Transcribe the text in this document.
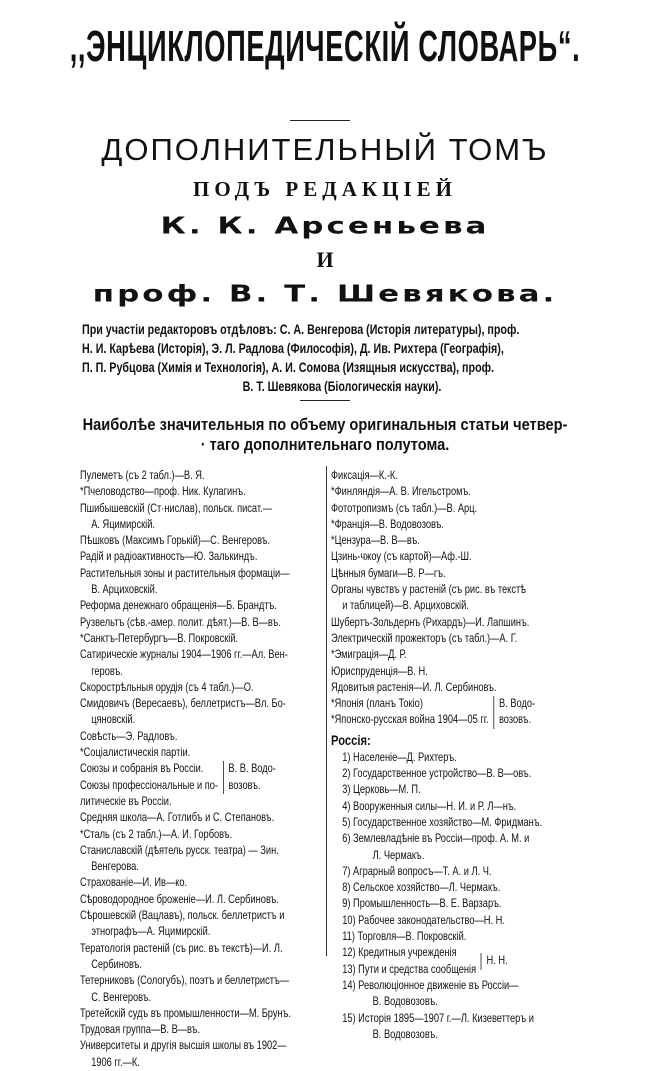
,,ЭНЦИКЛОПЕДИЧЕСКІЙ СЛОВАРЬ“.
ДОПОЛНИТЕЛЬНЫЙ ТОМЪ
ПОДЪ РЕДАКЦІЕЙ
К. К. Арсеньева
И
проф. В. Т. Шевякова.
При участіи редакторовъ отдѣловъ: С. А. Венгерова (Исторія литературы), проф.
Н. И. Карѣева (Исторія), Э. Л. Радлова (Философія), Д. Ив. Рихтера (Географія),
П. П. Рубцова (Химія и Технологія), А. И. Сомова (Изящныя искусства), проф.
В. Т. Шевякова (Біологическія науки).
Наиболѣе значительныя по объему оригинальныя статьи четвер-
· таго дополнительнаго полутома.
Пулеметъ (съ 2 табл.)—В. Я.
*Пчеловодство—проф. Ник. Кулагинъ.
Пшибышевскій (Ст·нислав), польск. писат.—
А. Яцимирскій.
Пѣшковъ (Максимъ Горькій)—С. Венгеровъ.
Радій и радіоактивность—Ю. Залькиндъ.
Растительныя зоны и растительныя формаціи—
В. Арциховскій.
Реформа денежнаго обращенія—Б. Брандтъ.
Рузвельтъ (сѣв.-амер. полит. дѣят.)—В. В—въ.
*Санктъ-Петербургъ—В. Покровскій.
Сатирическіе журналы 1904—1906 гг.—Ал. Вен-
геровъ.
Скорострѣльныя орудія (съ 4 табл.)—О.
Смидовичъ (Вересаевъ), беллетристъ—Вл. Бо-
цяновскій.
Совѣсть—Э. Радловъ.
*Соціалистическія партіи.
Союзы и собранія въ Россіи.
Союзы профессіональные и по-
литическіе въ Россіи.
В. В. Водо-
возовъ.
Средняя школа—А. Готлибъ и С. Степановъ.
*Сталь (съ 2 табл.)—А. И. Горбовъ.
Станиславскій (дѣятель русск. театра) — Зин.
Венгерова.
Страхованіе—И. Ив—ко.
Сѣроводородное броженіе—И. Л. Сербиновъ.
Сѣрошевскій (Вацлавъ), польск. беллетристъ и
этнографъ—А. Яцимирскій.
Тератологія растеній (съ рис. въ текстѣ)—И. Л.
Сербиновъ.
Тетерниковъ (Сологубъ), поэтъ и беллетристъ—
С. Венгеровъ.
Третейскій судъ въ промышленности—М. Брунъ.
Трудовая группа—В. В—въ.
Университеты и другія высшія школы въ 1902—
1906 гг.—К.
Фиксація—К.-К.
*Финляндія—А. В. Игельстромъ.
Фототропизмъ (съ табл.)—В. Арц.
*Франція—В. Водовозовъ.
*Цензура—В. В—въ.
Цзинь-чжоу (съ картой)—Аф.-Ш.
Цѣнныя бумаги—В. Р—гъ.
Органы чувствъ у растеній (съ рис. въ текстѣ
и таблицей)—В. Арциховскій.
Шубертъ-Зольдернъ (Рихардъ)—И. Лапшинъ.
Электрическій прожекторъ (съ табл.)—А. Г.
*Эмиграція—Д. Р.
Юриспруденція—В. Н.
Ядовитыя растенія—И. Л. Сербиновъ.
*Японія (планъ Токіо)
*Японско-русская война 1904—05 гг.
В. Водо-
возовъ.
Россія:
1) Населеніе—Д. Рихтеръ.
2) Государственное устройство—В. В—овъ.
3) Церковь—М. П.
4) Вооруженныя силы—Н. И. и Р. Л—нъ.
5) Государственное хозяйство—М. Фридманъ.
6) Землевладѣніе въ Россіи—проф. А. М. и
Л. Чермакъ.
7) Аграрный вопросъ—Т. А. и Л. Ч.
8) Сельское хозяйство—Л. Чермакъ.
9) Промышленность—В. Е. Варзаръ.
10) Рабочее законодательство—Н. Н.
11) Торговля—В. Покровскій.
12) Кредитныя учрежденія
13) Пути и средства сообщенія
Н. Н.
14) Революціонное движеніе въ Россіи—
В. Водовозовъ.
15) Исторія 1895—1907 г.—Л. Кизеветтеръ и
В. Водовозовъ.
